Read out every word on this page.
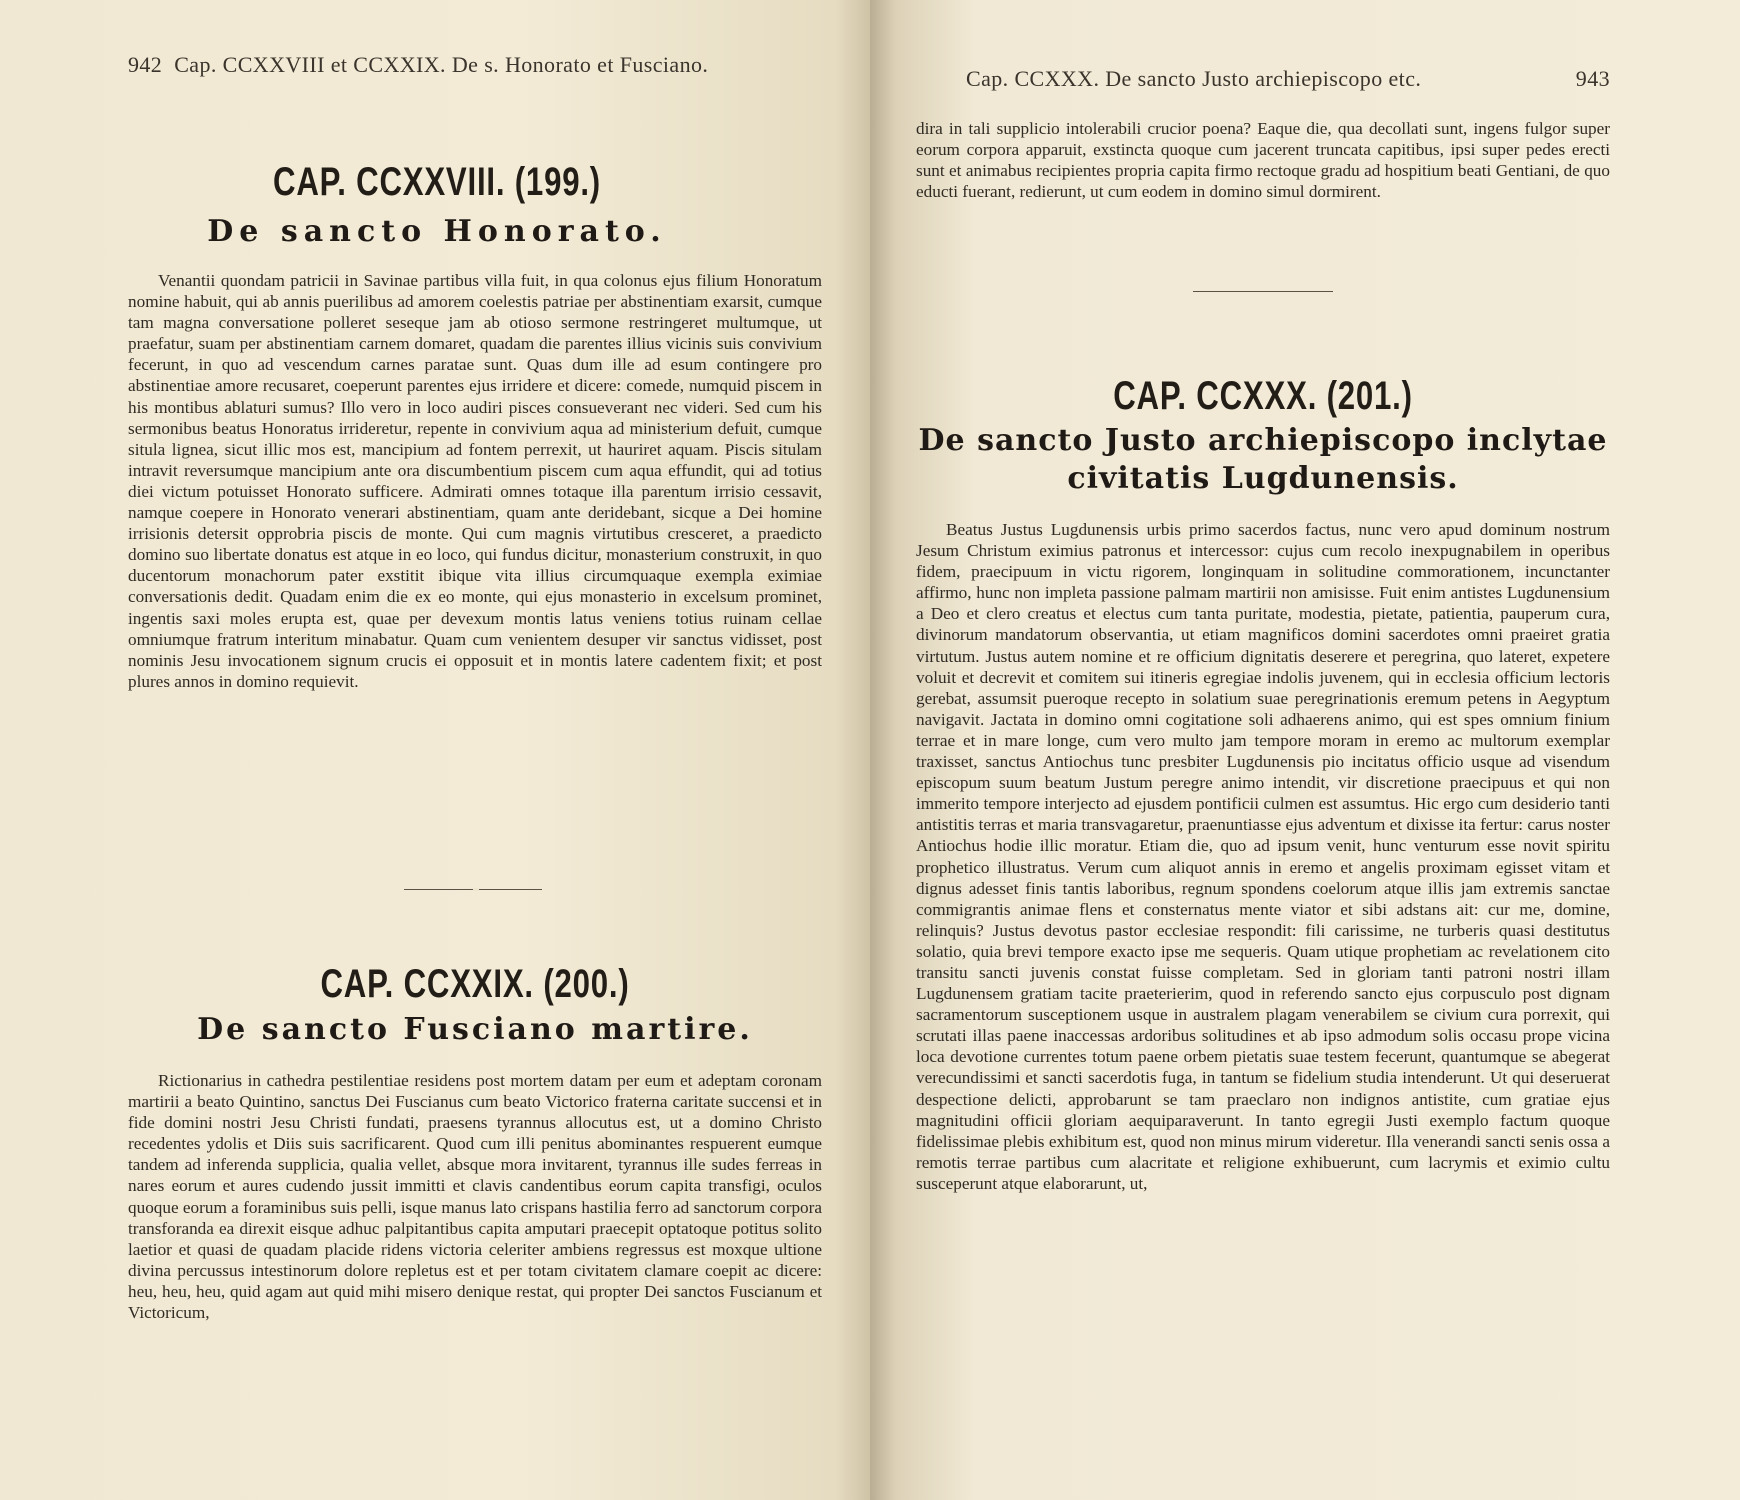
942 Cap. CCXXVIII et CCXXIX. De s. Honorato et Fusciano.
CAP. CCXXVIII. (199.)
De sancto Honorato.

Venantii quondam patricii in Savinae partibus villa fuit, in qua colonus ejus filium Honoratum nomine habuit, qui ab annis puerilibus ad amorem coelestis patriae per abstinentiam exarsit, cumque tam magna conversatione polleret seseque jam ab otioso sermone restringeret multumque, ut praefatur, suam per abstinentiam carnem domaret, quadam die parentes illius vicinis suis convivium fecerunt, in quo ad vescendum carnes paratae sunt. Quas dum ille ad esum contingere pro abstinentiae amore recusaret, coeperunt parentes ejus irridere et dicere: comede, numquid piscem in his montibus ablaturi sumus? Illo vero in loco audiri pisces consueverant nec videri. Sed cum his sermonibus beatus Honoratus irrideretur, repente in convivium aqua ad ministerium defuit, cumque situla lignea, sicut illic mos est, mancipium ad fontem perrexit, ut hauriret aquam. Piscis situlam intravit reversumque mancipium ante ora discumbentium piscem cum aqua effundit, qui ad totius diei victum potuisset Honorato sufficere. Admirati omnes totaque illa parentum irrisio cessavit, namque coepere in Honorato venerari abstinentiam, quam ante deridebant, sicque a Dei homine irrisionis detersit opprobria piscis de monte. Qui cum magnis virtutibus cresceret, a praedicto domino suo libertate donatus est atque in eo loco, qui fundus dicitur, monasterium construxit, in quo ducentorum monachorum pater exstitit ibique vita illius circumquaque exempla eximiae conversationis dedit. Quadam enim die ex eo monte, qui ejus monasterio in excelsum prominet, ingentis saxi moles erupta est, quae per devexum montis latus veniens totius ruinam cellae omniumque fratrum interitum minabatur. Quam cum venientem desuper vir sanctus vidisset, post nominis Jesu invocationem signum crucis ei opposuit et in montis latere cadentem fixit; et post plures annos in domino requievit.

CAP. CCXXIX. (200.)
De sancto Fusciano martire.

Rictionarius in cathedra pestilentiae residens post mortem datam per eum et adeptam coronam martirii a beato Quintino, sanctus Dei Fuscianus cum beato Victorico fraterna caritate succensi et in fide domini nostri Jesu Christi fundati, praesens tyrannus allocutus est, ut a domino Christo recedentes ydolis et Diis suis sacrificarent. Quod cum illi penitus abominantes respuerent eumque tandem ad inferenda supplicia, qualia vellet, absque mora invitarent, tyrannus ille sudes ferreas in nares eorum et aures cudendo jussit immitti et clavis candentibus eorum capita transfigi, oculos quoque eorum a foraminibus suis pelli, isque manus lato crispans hastilia ferro ad sanctorum corpora transforanda ea direxit eisque adhuc palpitantibus capita amputari praecepit optatoque potitus solito laetior et quasi de quadam placide ridens victoria celeriter ambiens regressus est moxque ultione divina percussus intestinorum dolore repletus est et per totam civitatem clamare coepit ac dicere: heu, heu, heu, quid agam aut quid mihi misero denique restat, qui propter Dei sanctos Fuscianum et Victoricum,

Cap. CCXXX. De sancto Justo archiepiscopo etc.	943

dira in tali supplicio intolerabili crucior poena? Eaque die, qua decollati sunt, ingens fulgor super eorum corpora apparuit, exstincta quoque cum jacerent truncata capitibus, ipsi super pedes erecti sunt et animabus recipientes propria capita firmo rectoque gradu ad hospitium beati Gentiani, de quo educti fuerant, redierunt, ut cum eodem in domino simul dormirent.

CAP. CCXXX. (201.)
De sancto Justo archiepiscopo inclytae civitatis Lugdunensis.

Beatus Justus Lugdunensis urbis primo sacerdos factus, nunc vero apud dominum nostrum Jesum Christum eximius patronus et intercessor: cujus cum recolo inexpugnabilem in operibus fidem, praecipuum in victu rigorem, longinquam in solitudine commorationem, incunctanter affirmo, hunc non impleta passione palmam martirii non amisisse. Fuit enim antistes Lugdunensium a Deo et clero creatus et electus cum tanta puritate, modestia, pietate, patientia, pauperum cura, divinorum mandatorum observantia, ut etiam magnificos domini sacerdotes omni praeiret gratia virtutum. Justus autem nomine et re officium dignitatis deserere et peregrina, quo lateret, expetere voluit et decrevit et comitem sui itineris egregiae indolis juvenem, qui in ecclesia officium lectoris gerebat, assumsit pueroque recepto in solatium suae peregrinationis eremum petens in Aegyptum navigavit. Jactata in domino omni cogitatione soli adhaerens animo, qui est spes omnium finium terrae et in mare longe, cum vero multo jam tempore moram in eremo ac multorum exemplar traxisset, sanctus Antiochus tunc presbiter Lugdunensis pio incitatus officio usque ad visendum episcopum suum beatum Justum peregre animo intendit, vir discretione praecipuus et qui non immerito tempore interjecto ad ejusdem pontificii culmen est assumtus. Hic ergo cum desiderio tanti antistitis terras et maria transvagaretur, praenuntiasse ejus adventum et dixisse ita fertur: carus noster Antiochus hodie illic moratur. Etiam die, quo ad ipsum venit, hunc venturum esse novit spiritu prophetico illustratus. Verum cum aliquot annis in eremo et angelis proximam egisset vitam et dignus adesset finis tantis laboribus, regnum spondens coelorum atque illis jam extremis sanctae commigrantis animae flens et consternatus mente viator et sibi adstans ait: cur me, domine, relinquis? Justus devotus pastor ecclesiae respondit: fili carissime, ne turberis quasi destitutus solatio, quia brevi tempore exacto ipse me sequeris. Quam utique prophetiam ac revelationem cito transitu sancti juvenis constat fuisse completam. Sed in gloriam tanti patroni nostri illam Lugdunensem gratiam tacite praeterierim, quod in referendo sancto ejus corpusculo post dignam sacramentorum susceptionem usque in australem plagam venerabilem se civium cura porrexit, qui scrutati illas paene inaccessas ardoribus solitudines et ab ipso admodum solis occasu prope vicina loca devotione currentes totum paene orbem pietatis suae testem fecerunt, quantumque se abegerat verecundissimi et sancti sacerdotis fuga, in tantum se fidelium studia intenderunt. Ut qui deseruerat despectione delicti, approbarunt se tam praeclaro non indignos antistite, cum gratiae ejus magnitudini officii gloriam aequiparaverunt. In tanto egregii Justi exemplo factum quoque fidelissimae plebis exhibitum est, quod non minus mirum videretur. Illa venerandi sancti senis ossa a remotis terrae partibus cum alacritate et religione exhibuerunt, cum lacrymis et eximio cultu susceperunt atque elaborarunt, ut,
